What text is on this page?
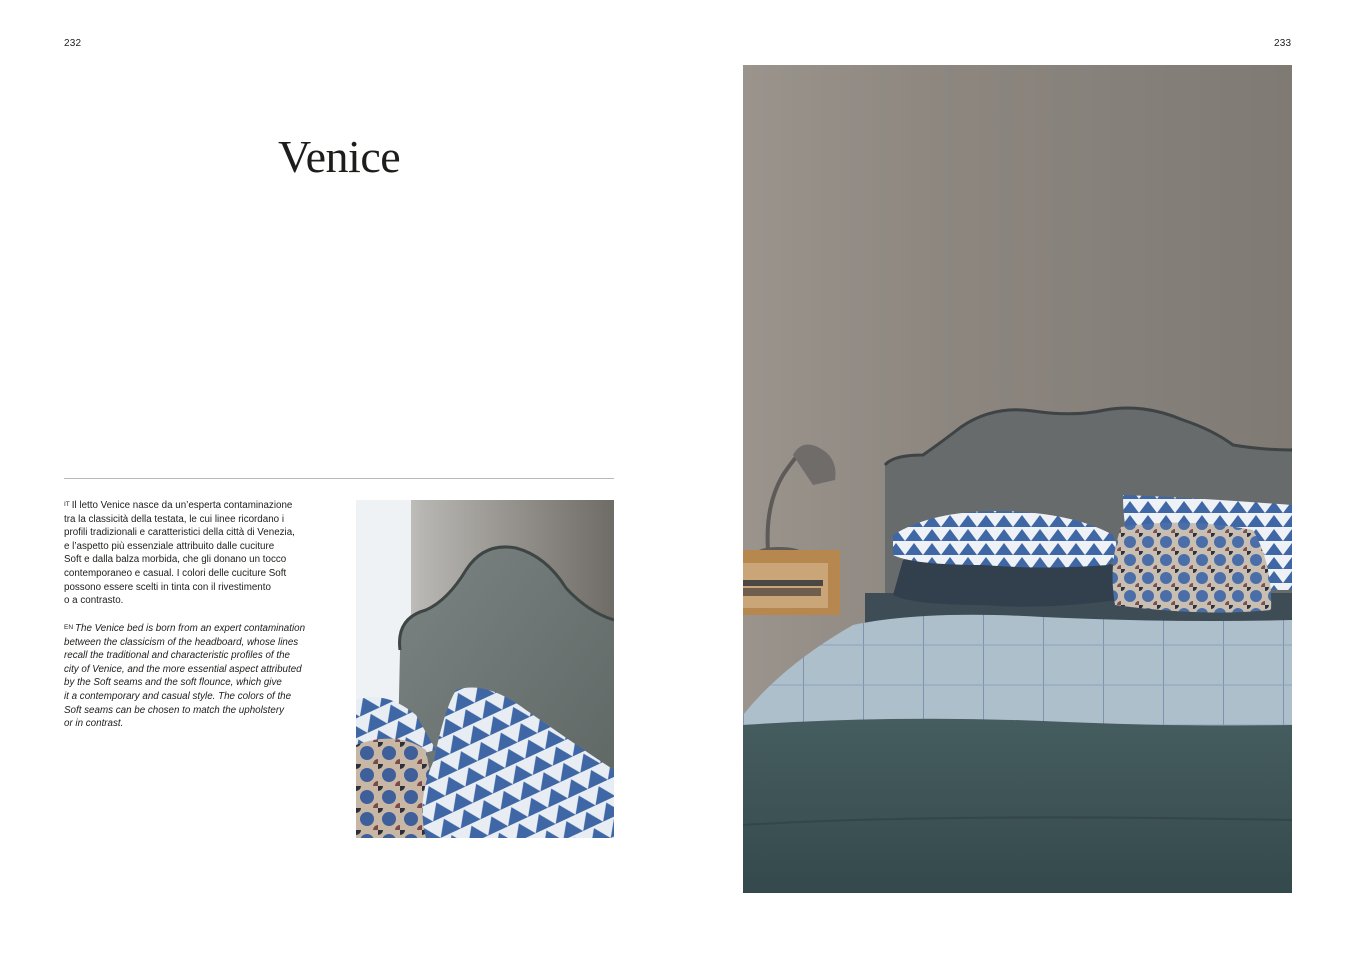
232	233
Venice
$^{IT}$ Il letto Venice nasce da un’esperta contaminazione
tra la classicità della testata, le cui linee ricordano i
profili tradizionali e caratteristici della città di Venezia,
e l’aspetto più essenziale attribuito dalle cuciture
Soft e dalla balza morbida, che gli donano un tocco
contemporaneo e casual. I colori delle cuciture Soft
possono essere scelti in tinta con il rivestimento
o a contrasto.
$^{EN}$ The Venice bed is born from an expert contamination
between the classicism of the headboard, whose lines
recall the traditional and characteristic profiles of the
city of Venice, and the more essential aspect attributed
by the Soft seams and the soft flounce, which give
it a contemporary and casual style. The colors of the
Soft seams can be chosen to match the upholstery
or in contrast.
